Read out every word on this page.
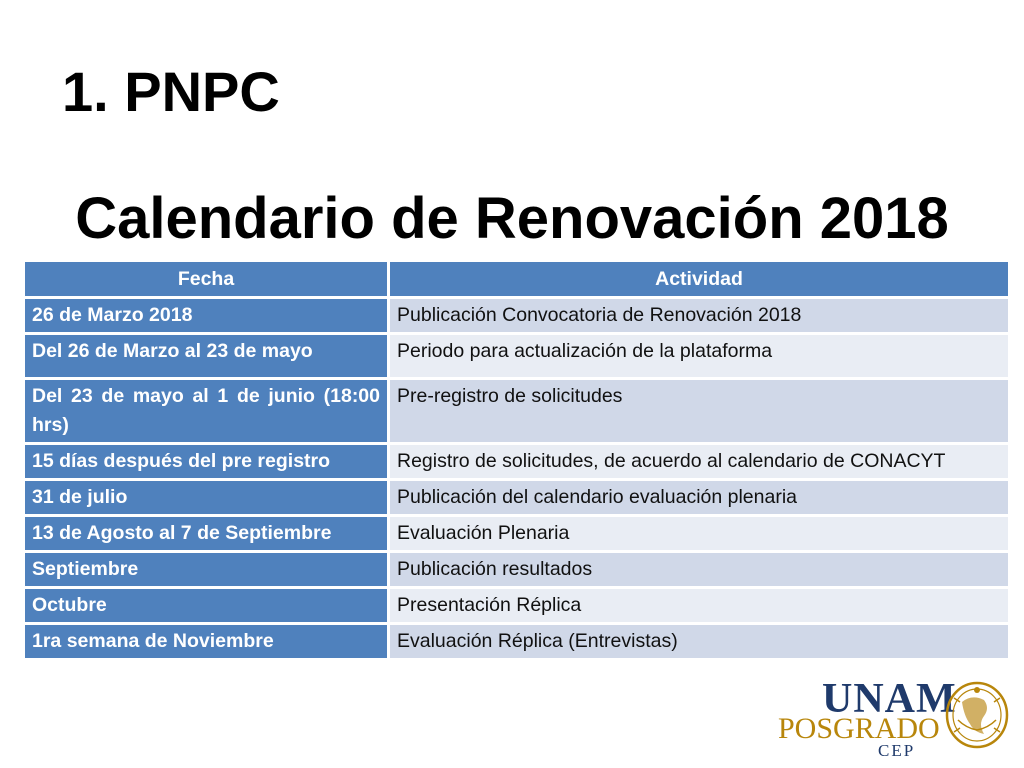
1. PNPC
Calendario de Renovación 2018
Fecha	Actividad
26 de Marzo 2018	Publicación Convocatoria de Renovación 2018
Del 26 de Marzo al 23 de mayo	Periodo para actualización de la plataforma
Del 23 de mayo al 1 de junio (18:00 hrs)	Pre-registro de solicitudes
15 días después del pre registro	Registro de solicitudes, de acuerdo al calendario de CONACYT
31 de julio	Publicación del calendario evaluación plenaria
13 de Agosto al 7 de Septiembre	Evaluación Plenaria
Septiembre	Publicación resultados
Octubre	Presentación Réplica
1ra semana de Noviembre	Evaluación Réplica (Entrevistas)
UNAM
POSGRADO
CEP
